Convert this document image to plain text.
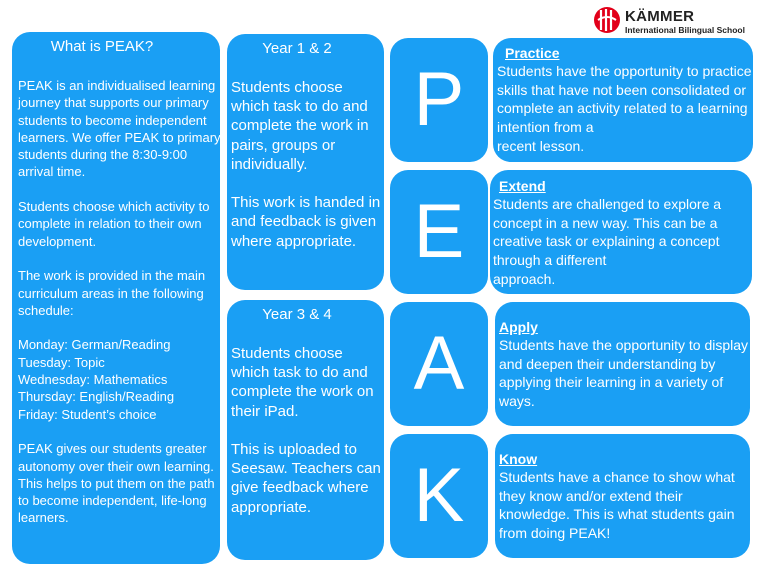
KÄMMER
International Bilingual School
What is PEAK?
PEAK is an individualised learning journey that supports our primary students to become independent learners. We offer PEAK to primary students during the 8:30-9:00 arrival time.

Students choose which activity to complete in relation to their own development.

The work is provided in the main curriculum areas in the following schedule:

Monday: German/Reading
Tuesday: Topic
Wednesday: Mathematics
Thursday: English/Reading
Friday: Student’s choice

PEAK gives our students greater autonomy over their own learning. This helps to put them on the path to become independent, life-long learners.
Year 1 & 2
Students choose which task to do and complete the work in pairs, groups or individually.

This work is handed in and feedback is given where appropriate.
Year 3 & 4
Students choose which task to do and complete the work on their iPad.

This is uploaded to Seesaw. Teachers can give feedback where appropriate.
P
E
A
K
Practice
Students have the opportunity to practice skills that have not been consolidated or complete an activity related to a learning intention from a
recent lesson.
Extend
Students are challenged to explore a concept in a new way. This can be a creative task or explaining a concept through a different
approach.
Apply
Students have the opportunity to display and deepen their understanding by applying their learning in a variety of ways.
Know
Students have a chance to show what they know and/or extend their knowledge. This is what students gain from doing PEAK!
